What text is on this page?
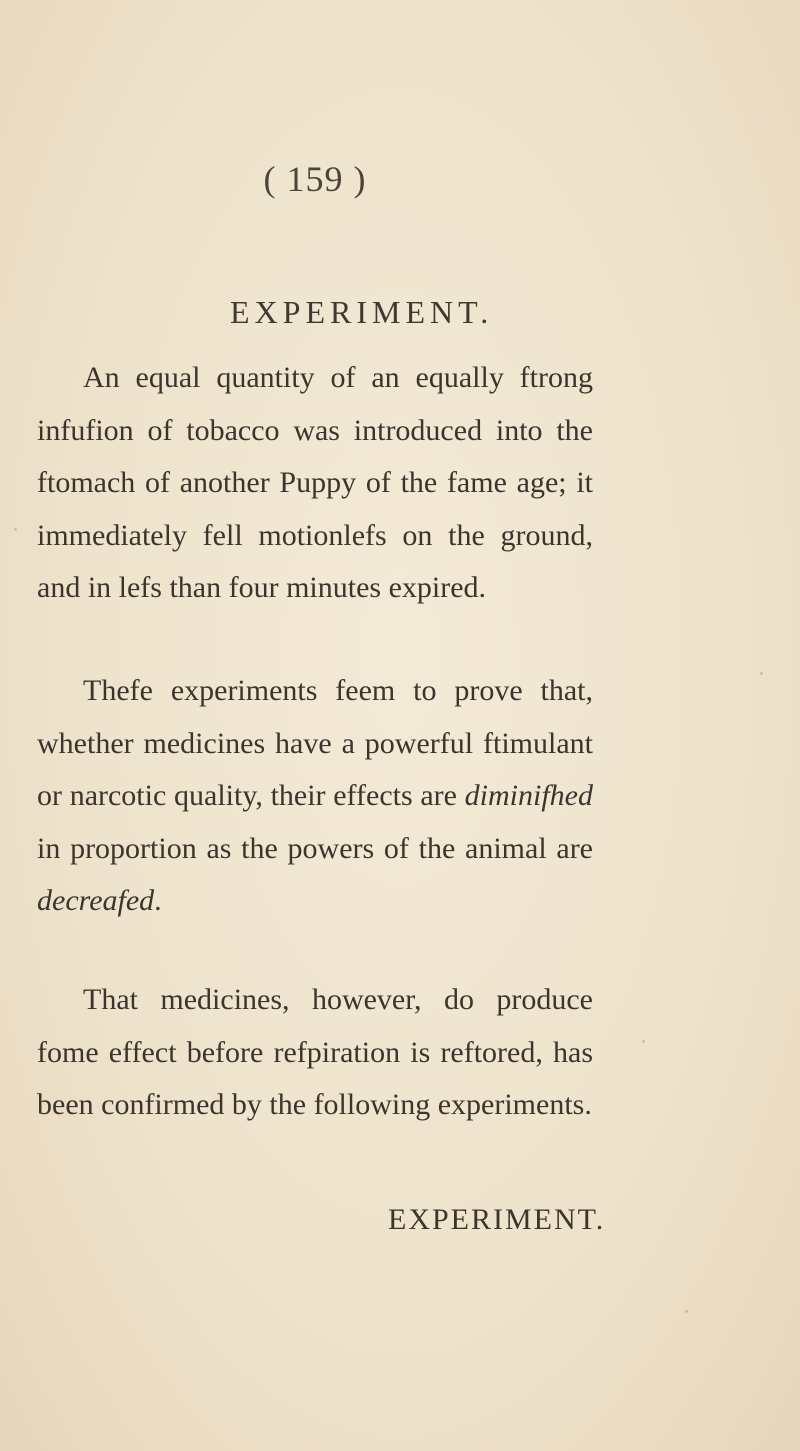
( 159 )
EXPERIMENT.

An equal quantity of an equally ftrong infufion of tobacco was introduced into the ftomach of another Puppy of the fame age; it immediately fell motionlefs on the ground, and in lefs than four minutes expired.

Thefe experiments feem to prove that, whether medicines have a powerful ftimulant or narcotic quality, their effects are diminifhed in proportion as the powers of the animal are decreafed.

That medicines, however, do produce fome effect before refpiration is reftored, has been confirmed by the following experiments.

EXPERIMENT.
